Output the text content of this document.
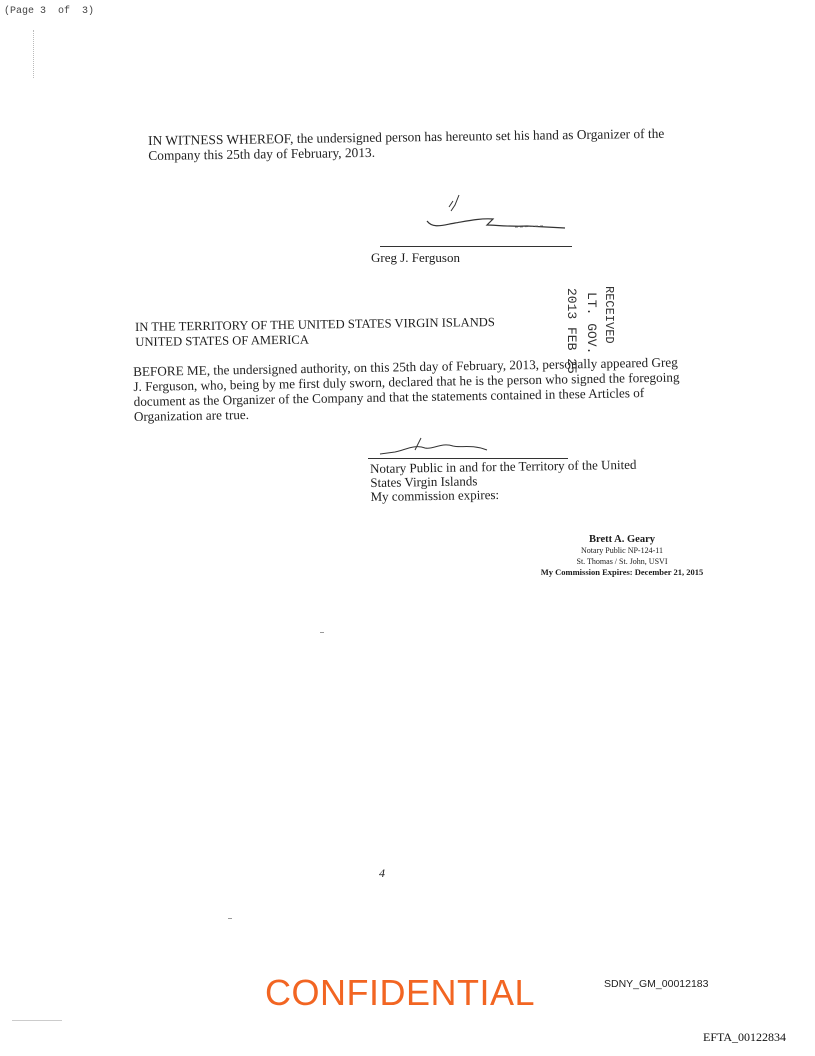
(Page 3  of  3)
IN WITNESS WHEREOF, the undersigned person has hereunto set his hand as Organizer of the Company this 25th day of February, 2013.
Greg J. Ferguson
IN THE TERRITORY OF THE UNITED STATES VIRGIN ISLANDS
UNITED STATES OF AMERICA	2013 FEB 25 LT. GOV. RECEIVED
BEFORE ME, the undersigned authority, on this 25th day of February, 2013, personally appeared Greg J. Ferguson, who, being by me first duly sworn, declared that he is the person who signed the foregoing document as the Organizer of the Company and that the statements contained in these Articles of Organization are true.
Notary Public in and for the Territory of the United
States Virgin Islands
My commission expires:
Brett A. Geary
Notary Public NP-124-11
St. Thomas / St. John, USVI
My Commission Expires: December 21, 2015
4
CONFIDENTIAL	SDNY_GM_00012183
EFTA_00122834
